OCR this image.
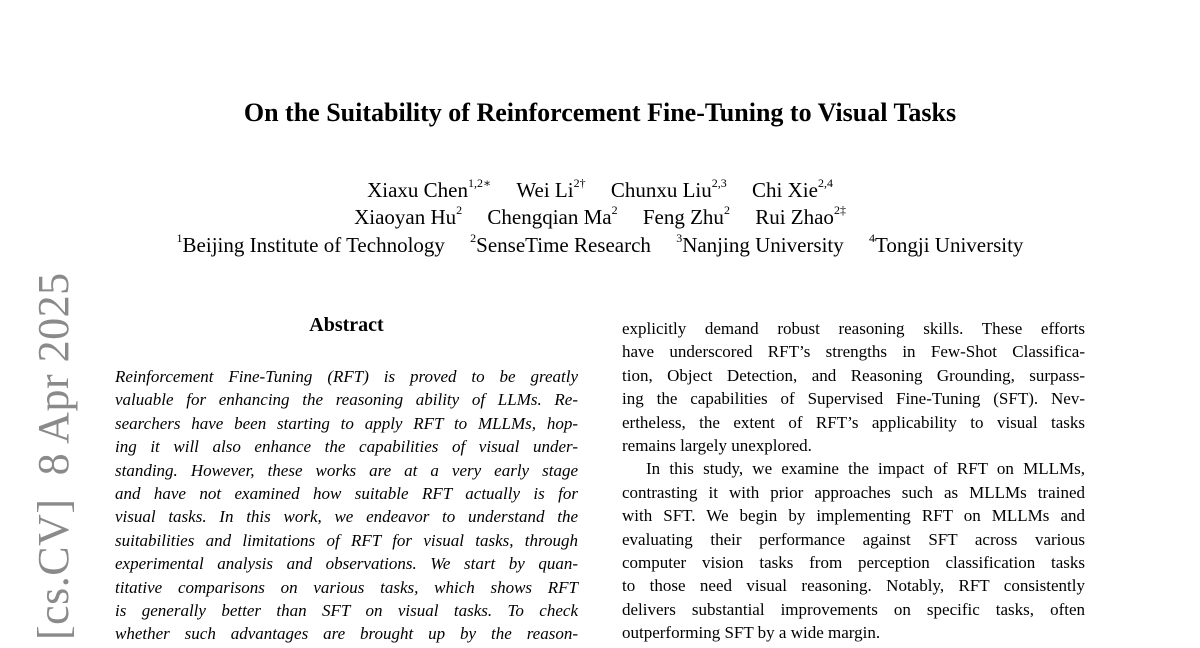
On the Suitability of Reinforcement Fine-Tuning to Visual Tasks
Xiaxu Chen$^{1,2∗}$ Wei $Li^{2\dagger}$ Chunxu Liu$^{2,3}$ Chi Xie$^{2,4}$
Xiaoyan Hu$^2$ Chengqian Ma$^2$ Feng Zhu$^2$ Rui Zhao$^{2\ddagger}$
$^1$Beijing Institute of Technology $^2$SenseTime Research $^3$Nanjing University $^4$Tongji University
[cs.CV]  8 Apr 2025	Abstract
Reinforcement Fine-Tuning (RFT) is proved to be greatly
valuable for enhancing the reasoning ability of LLMs. Re-
searchers have been starting to apply RFT to MLLMs, hop-
ing it will also enhance the capabilities of visual under-
standing. However, these works are at a very early stage
and have not examined how suitable RFT actually is for
visual tasks. In this work, we endeavor to understand the
suitabilities and limitations of RFT for visual tasks, through
experimental analysis and observations. We start by quan-
titative comparisons on various tasks, which shows RFT
is generally better than SFT on visual tasks. To check
whether such advantages are brought up by the reason-
explicitly demand robust reasoning skills. These efforts
have underscored RFT’s strengths in Few-Shot Classifica-
tion, Object Detection, and Reasoning Grounding, surpass-
ing the capabilities of Supervised Fine-Tuning (SFT). Nev-
ertheless, the extent of RFT’s applicability to visual tasks
remains largely unexplored.
In this study, we examine the impact of RFT on MLLMs,
contrasting it with prior approaches such as MLLMs trained
with SFT. We begin by implementing RFT on MLLMs and
evaluating their performance against SFT across various
computer vision tasks from perception classification tasks
to those need visual reasoning. Notably, RFT consistently
delivers substantial improvements on specific tasks, often
outperforming SFT by a wide margin.
